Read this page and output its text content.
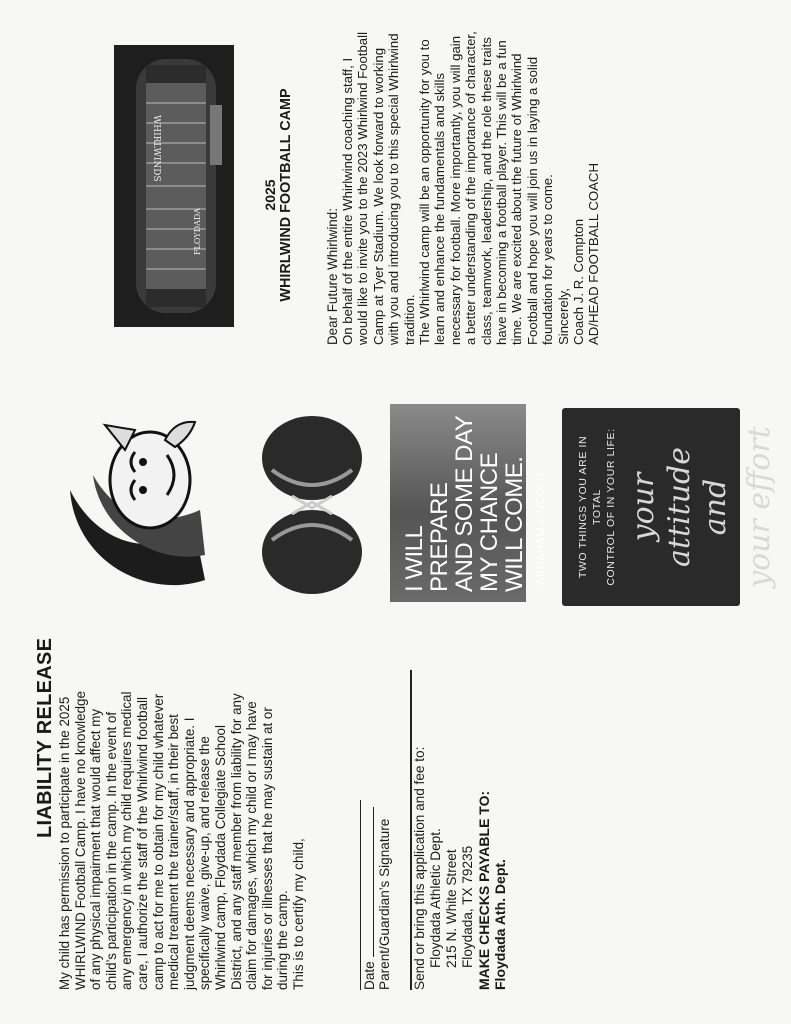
LIABILITY RELEASE My child has permission to participate in the 2025 WHIRLWIND Football Camp. I have no knowledge of any physical impairment that would affect my child’s participation in the camp. In the event of any emergency in which my child requires medical care, I authorize the staff of the Whirlwind football camp to act for me to obtain for my child whatever medical treatment the trainer/staff, in their best judgment deems necessary and appropriate. I specifically waive, give-up, and release the Whirlwind camp, Floydada Collegiate School District, and any staff member from liability for any claim for damages, which my child or I may have for injuries or illnesses that he may sustain at or during the camp. This is to certify my child,	Date Parent/Guardian’s Signature Send or bring this application and fee to: Floydada Athletic Dept. 215 N. White Street Floydada, TX 79235 MAKE CHECKS PAYABLE TO: Floydada Ath. Dept.

I WILL PREPARE
AND SOME DAY
MY CHANCE WILL COME. - ABRAHAM LINCOLN	TWO THINGS YOU ARE IN TOTAL CONTROL OF IN YOUR LIFE: your attitude and your effort
WHIRLWINDS
FLOYDADA
2025 WHIRLWIND FOOTBALL CAMP Dear Future Whirlwind: On behalf of the entire Whirlwind coaching staff, I would like to invite you to the 2023 Whirlwind Football Camp at Tyer Stadium. We look forward to working with you and introducing you to this special Whirlwind tradition. The Whirlwind camp will be an opportunity for you to learn and enhance the fundamentals and skills necessary for football. More importantly, you will gain a better understanding of the importance of character, class, teamwork, leadership, and the role these traits have in becoming a football player. This will be a fun time. We are excited about the future of Whirlwind Football and hope you will join us in laying a solid foundation for years to come. Sincerely, Coach J. R. Compton AD/HEAD FOOTBALL COACH
